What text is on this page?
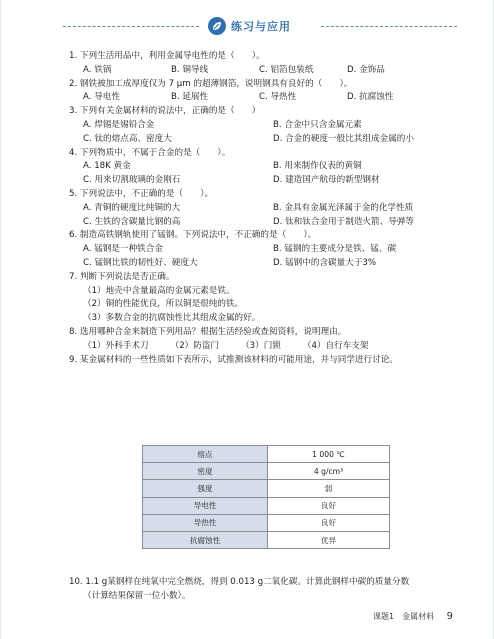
练习与应用
1. 下列生活用品中，利用金属导电性的是（　　）。
A. 铁锅	B. 铜导线	C. 铝箔包装纸	D. 金饰品
2. 钢铁被加工成厚度仅为 7 μm 的超薄钢箔，说明钢具有良好的（　　）。
A. 导电性	B. 延展性	C. 导热性	D. 抗腐蚀性
3. 下列有关金属材料的说法中，正确的是（　　）
A. 焊锡是锡铅合金	B. 合金中只含金属元素
C. 钛的熔点高、密度大	D. 合金的硬度一般比其组成金属的小
4. 下列物质中，不属于合金的是（　　）。
A. 18K 黄金	B. 用来制作仪表的黄铜
C. 用来切割玻璃的金刚石	D. 建造国产航母的新型钢材
5. 下列说法中，不正确的是（　　）。
A. 青铜的硬度比纯铜的大	B. 金具有金属光泽属于金的化学性质
C. 生铁的含碳量比钢的高	D. 钛和钛合金用于制造火箭、导弹等
6. 制造高铁钢轨使用了锰钢。下列说法中，不正确的是（　　）。
A. 锰钢是一种铁合金	B. 锰钢的主要成分是铁、锰、碳
C. 锰钢比铁的韧性好、硬度大	D. 锰钢中的含碳量大于3%
7. 判断下列说法是否正确。
（1）地壳中含量最高的金属元素是铁。
（2）铜的性能优良，所以铜是很纯的铁。
（3）多数合金的抗腐蚀性比其组成金属的好。
8. 选用哪种合金来制造下列用品？根据生活经验或查阅资料，说明理由。
（1）外科手术刀	（2）防盗门	（3）门锁	（4）自行车支架
9. 某金属材料的一些性质如下表所示，试推测该材料的可能用途，并与同学进行讨论。
熔点	1 000 ℃
密度	4 g/cm³
强度	弱
导电性	良好
导热性	良好
抗腐蚀性	优异
10. 1.1 g某钢样在纯氧中完全燃烧，得到 0.013 g二氧化碳。计算此钢样中碳的质量分数
（计算结果保留一位小数）。
课题1　金属材料 9
